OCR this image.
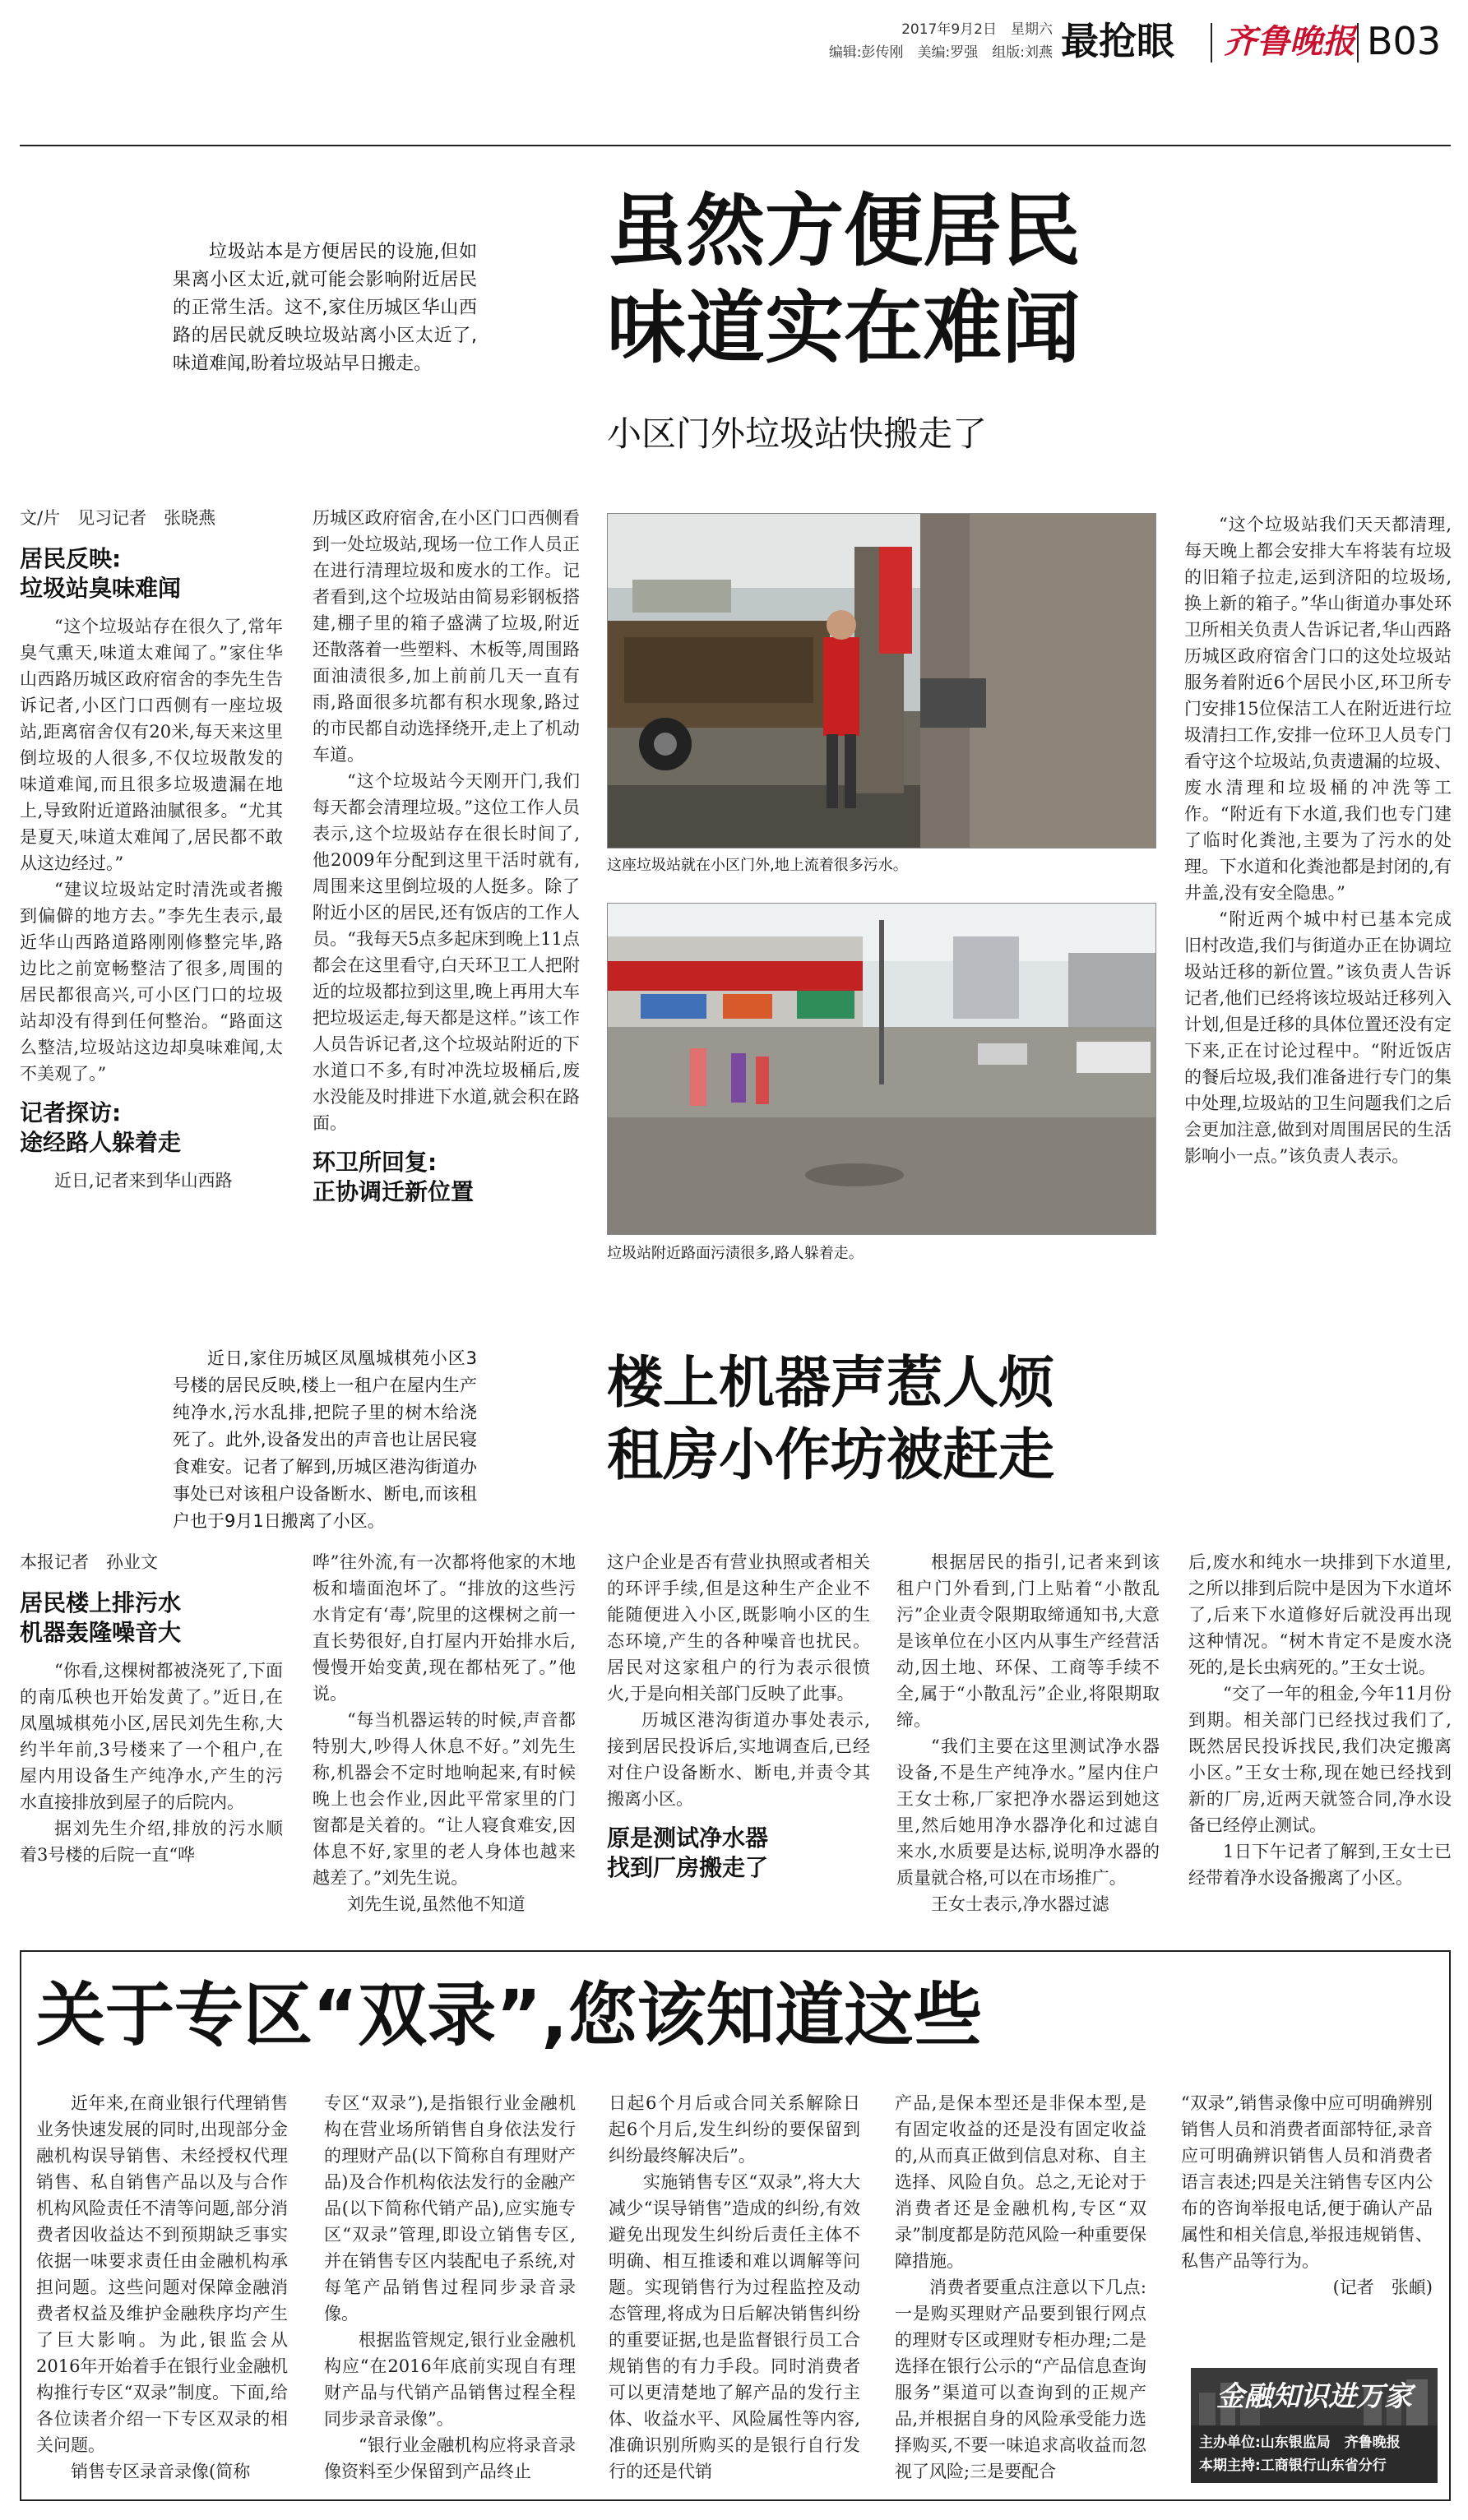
2017年9月2日　星期六
编辑:彭传刚　美编:罗强　组版:刘燕 最抢眼 齐鲁晚报 B03
垃圾站本是方便居民的设施,但如果离小区太近,就可能会影响附近居民的正常生活。这不,家住历城区华山西路的居民就反映垃圾站离小区太近了,味道难闻,盼着垃圾站早日搬走。
虽然方便居民
味道实在难闻
小区门外垃圾站快搬走了
文/片　见习记者　张晓燕
居民反映:
垃圾站臭味难闻

“这个垃圾站存在很久了,常年臭气熏天,味道太难闻了。”家住华山西路历城区政府宿舍的李先生告诉记者,小区门口西侧有一座垃圾站,距离宿舍仅有20米,每天来这里倒垃圾的人很多,不仅垃圾散发的味道难闻,而且很多垃圾遗漏在地上,导致附近道路油腻很多。“尤其是夏天,味道太难闻了,居民都不敢从这边经过。”

“建议垃圾站定时清洗或者搬到偏僻的地方去。”李先生表示,最近华山西路道路刚刚修整完毕,路边比之前宽畅整洁了很多,周围的居民都很高兴,可小区门口的垃圾站却没有得到任何整治。“路面这么整洁,垃圾站这边却臭味难闻,太不美观了。”

记者探访:
途经路人躲着走

近日,记者来到华山西路

历城区政府宿舍,在小区门口西侧看到一处垃圾站,现场一位工作人员正在进行清理垃圾和废水的工作。记者看到,这个垃圾站由简易彩钢板搭建,棚子里的箱子盛满了垃圾,附近还散落着一些塑料、木板等,周围路面油渍很多,加上前前几天一直有雨,路面很多坑都有积水现象,路过的市民都自动选择绕开,走上了机动车道。

“这个垃圾站今天刚开门,我们每天都会清理垃圾。”这位工作人员表示,这个垃圾站存在很长时间了,他2009年分配到这里干活时就有,周围来这里倒垃圾的人挺多。除了附近小区的居民,还有饭店的工作人员。“我每天5点多起床到晚上11点都会在这里看守,白天环卫工人把附近的垃圾都拉到这里,晚上再用大车把垃圾运走,每天都是这样。”该工作人员告诉记者,这个垃圾站附近的下水道口不多,有时冲洗垃圾桶后,废水没能及时排进下水道,就会积在路面。

环卫所回复:
正协调迁新位置
这座垃圾站就在小区门外,地上流着很多污水。
垃圾站附近路面污渍很多,路人躲着走。

“这个垃圾站我们天天都清理,每天晚上都会安排大车将装有垃圾的旧箱子拉走,运到济阳的垃圾场,换上新的箱子。”华山街道办事处环卫所相关负责人告诉记者,华山西路历城区政府宿舍门口的这处垃圾站服务着附近6个居民小区,环卫所专门安排15位保洁工人在附近进行垃圾清扫工作,安排一位环卫人员专门看守这个垃圾站,负责遗漏的垃圾、废水清理和垃圾桶的冲洗等工作。“附近有下水道,我们也专门建了临时化粪池,主要为了污水的处理。下水道和化粪池都是封闭的,有井盖,没有安全隐患。”

“附近两个城中村已基本完成旧村改造,我们与街道办正在协调垃圾站迁移的新位置。”该负责人告诉记者,他们已经将该垃圾站迁移列入计划,但是迁移的具体位置还没有定下来,正在讨论过程中。“附近饭店的餐后垃圾,我们准备进行专门的集中处理,垃圾站的卫生问题我们之后会更加注意,做到对周围居民的生活影响小一点。”该负责人表示。

近日,家住历城区凤凰城棋苑小区3号楼的居民反映,楼上一租户在屋内生产纯净水,污水乱排,把院子里的树木给浇死了。此外,设备发出的声音也让居民寝食难安。记者了解到,历城区港沟街道办事处已对该租户设备断水、断电,而该租户也于9月1日搬离了小区。
楼上机器声惹人烦
租房小作坊被赶走
本报记者　孙业文
居民楼上排污水
机器轰隆噪音大

“你看,这棵树都被浇死了,下面的南瓜秧也开始发黄了。”近日,在凤凰城棋苑小区,居民刘先生称,大约半年前,3号楼来了一个租户,在屋内用设备生产纯净水,产生的污水直接排放到屋子的后院内。

据刘先生介绍,排放的污水顺着3号楼的后院一直“哗

哗”往外流,有一次都将他家的木地板和墙面泡坏了。“排放的这些污水肯定有‘毒’,院里的这棵树之前一直长势很好,自打屋内开始排水后,慢慢开始变黄,现在都枯死了。”他说。

“每当机器运转的时候,声音都特别大,吵得人休息不好。”刘先生称,机器会不定时地响起来,有时候晚上也会作业,因此平常家里的门窗都是关着的。“让人寝食难安,因体息不好,家里的老人身体也越来越差了。”刘先生说。

刘先生说,虽然他不知道

这户企业是否有营业执照或者相关的环评手续,但是这种生产企业不能随便进入小区,既影响小区的生态环境,产生的各种噪音也扰民。居民对这家租户的行为表示很愤火,于是向相关部门反映了此事。

历城区港沟街道办事处表示,接到居民投诉后,实地调查后,已经对住户设备断水、断电,并责令其搬离小区。

原是测试净水器
找到厂房搬走了

根据居民的指引,记者来到该租户门外看到,门上贴着“小散乱污”企业责令限期取缔通知书,大意是该单位在小区内从事生产经营活动,因土地、环保、工商等手续不全,属于“小散乱污”企业,将限期取缔。

“我们主要在这里测试净水器设备,不是生产纯净水。”屋内住户王女士称,厂家把净水器运到她这里,然后她用净水器净化和过滤自来水,水质要是达标,说明净水器的质量就合格,可以在市场推广。

王女士表示,净水器过滤

后,废水和纯水一块排到下水道里,之所以排到后院中是因为下水道坏了,后来下水道修好后就没再出现这种情况。“树木肯定不是废水浇死的,是长虫病死的。”王女士说。

“交了一年的租金,今年11月份到期。相关部门已经找过我们了,既然居民投诉找民,我们决定搬离小区。”王女士称,现在她已经找到新的厂房,近两天就签合同,净水设备已经停止测试。

1日下午记者了解到,王女士已经带着净水设备搬离了小区。

关于专区“双录”,您该知道这些

近年来,在商业银行代理销售业务快速发展的同时,出现部分金融机构误导销售、未经授权代理销售、私自销售产品以及与合作机构风险责任不清等问题,部分消费者因收益达不到预期缺乏事实依据一味要求责任由金融机构承担问题。这些问题对保障金融消费者权益及维护金融秩序均产生了巨大影响。为此,银监会从2016年开始着手在银行业金融机构推行专区“双录”制度。下面,给各位读者介绍一下专区双录的相关问题。

销售专区录音录像(简称

专区“双录”),是指银行业金融机构在营业场所销售自身依法发行的理财产品(以下简称自有理财产品)及合作机构依法发行的金融产品(以下简称代销产品),应实施专区“双录”管理,即设立销售专区,并在销售专区内装配电子系统,对每笔产品销售过程同步录音录像。

根据监管规定,银行业金融机构应“在2016年底前实现自有理财产品与代销产品销售过程全程同步录音录像”。

“银行业金融机构应将录音录像资料至少保留到产品终止

日起6个月后或合同关系解除日起6个月后,发生纠纷的要保留到纠纷最终解决后”。

实施销售专区“双录”,将大大减少“误导销售”造成的纠纷,有效避免出现发生纠纷后责任主体不明确、相互推诿和难以调解等问题。实现销售行为过程监控及动态管理,将成为日后解决销售纠纷的重要证据,也是监督银行员工合规销售的有力手段。同时消费者可以更清楚地了解产品的发行主体、收益水平、风险属性等内容,准确识别所购买的是银行自行发行的还是代销

产品,是保本型还是非保本型,是有固定收益的还是没有固定收益的,从而真正做到信息对称、自主选择、风险自负。总之,无论对于消费者还是金融机构,专区“双录”制度都是防范风险一种重要保障措施。

消费者要重点注意以下几点:一是购买理财产品要到银行网点的理财专区或理财专柜办理;二是选择在银行公示的“产品信息查询服务”渠道可以查询到的正规产品,并根据自身的风险承受能力选择购买,不要一味追求高收益而忽视了风险;三是要配合

“双录”,销售录像中应可明确辨别销售人员和消费者面部特征,录音应可明确辨识销售人员和消费者语言表述;四是关注销售专区内公布的咨询举报电话,便于确认产品属性和相关信息,举报违规销售、私售产品等行为。

(记者　张頔)

金融知识进万家
主办单位:山东银监局　齐鲁晚报
本期主持:工商银行山东省分行
